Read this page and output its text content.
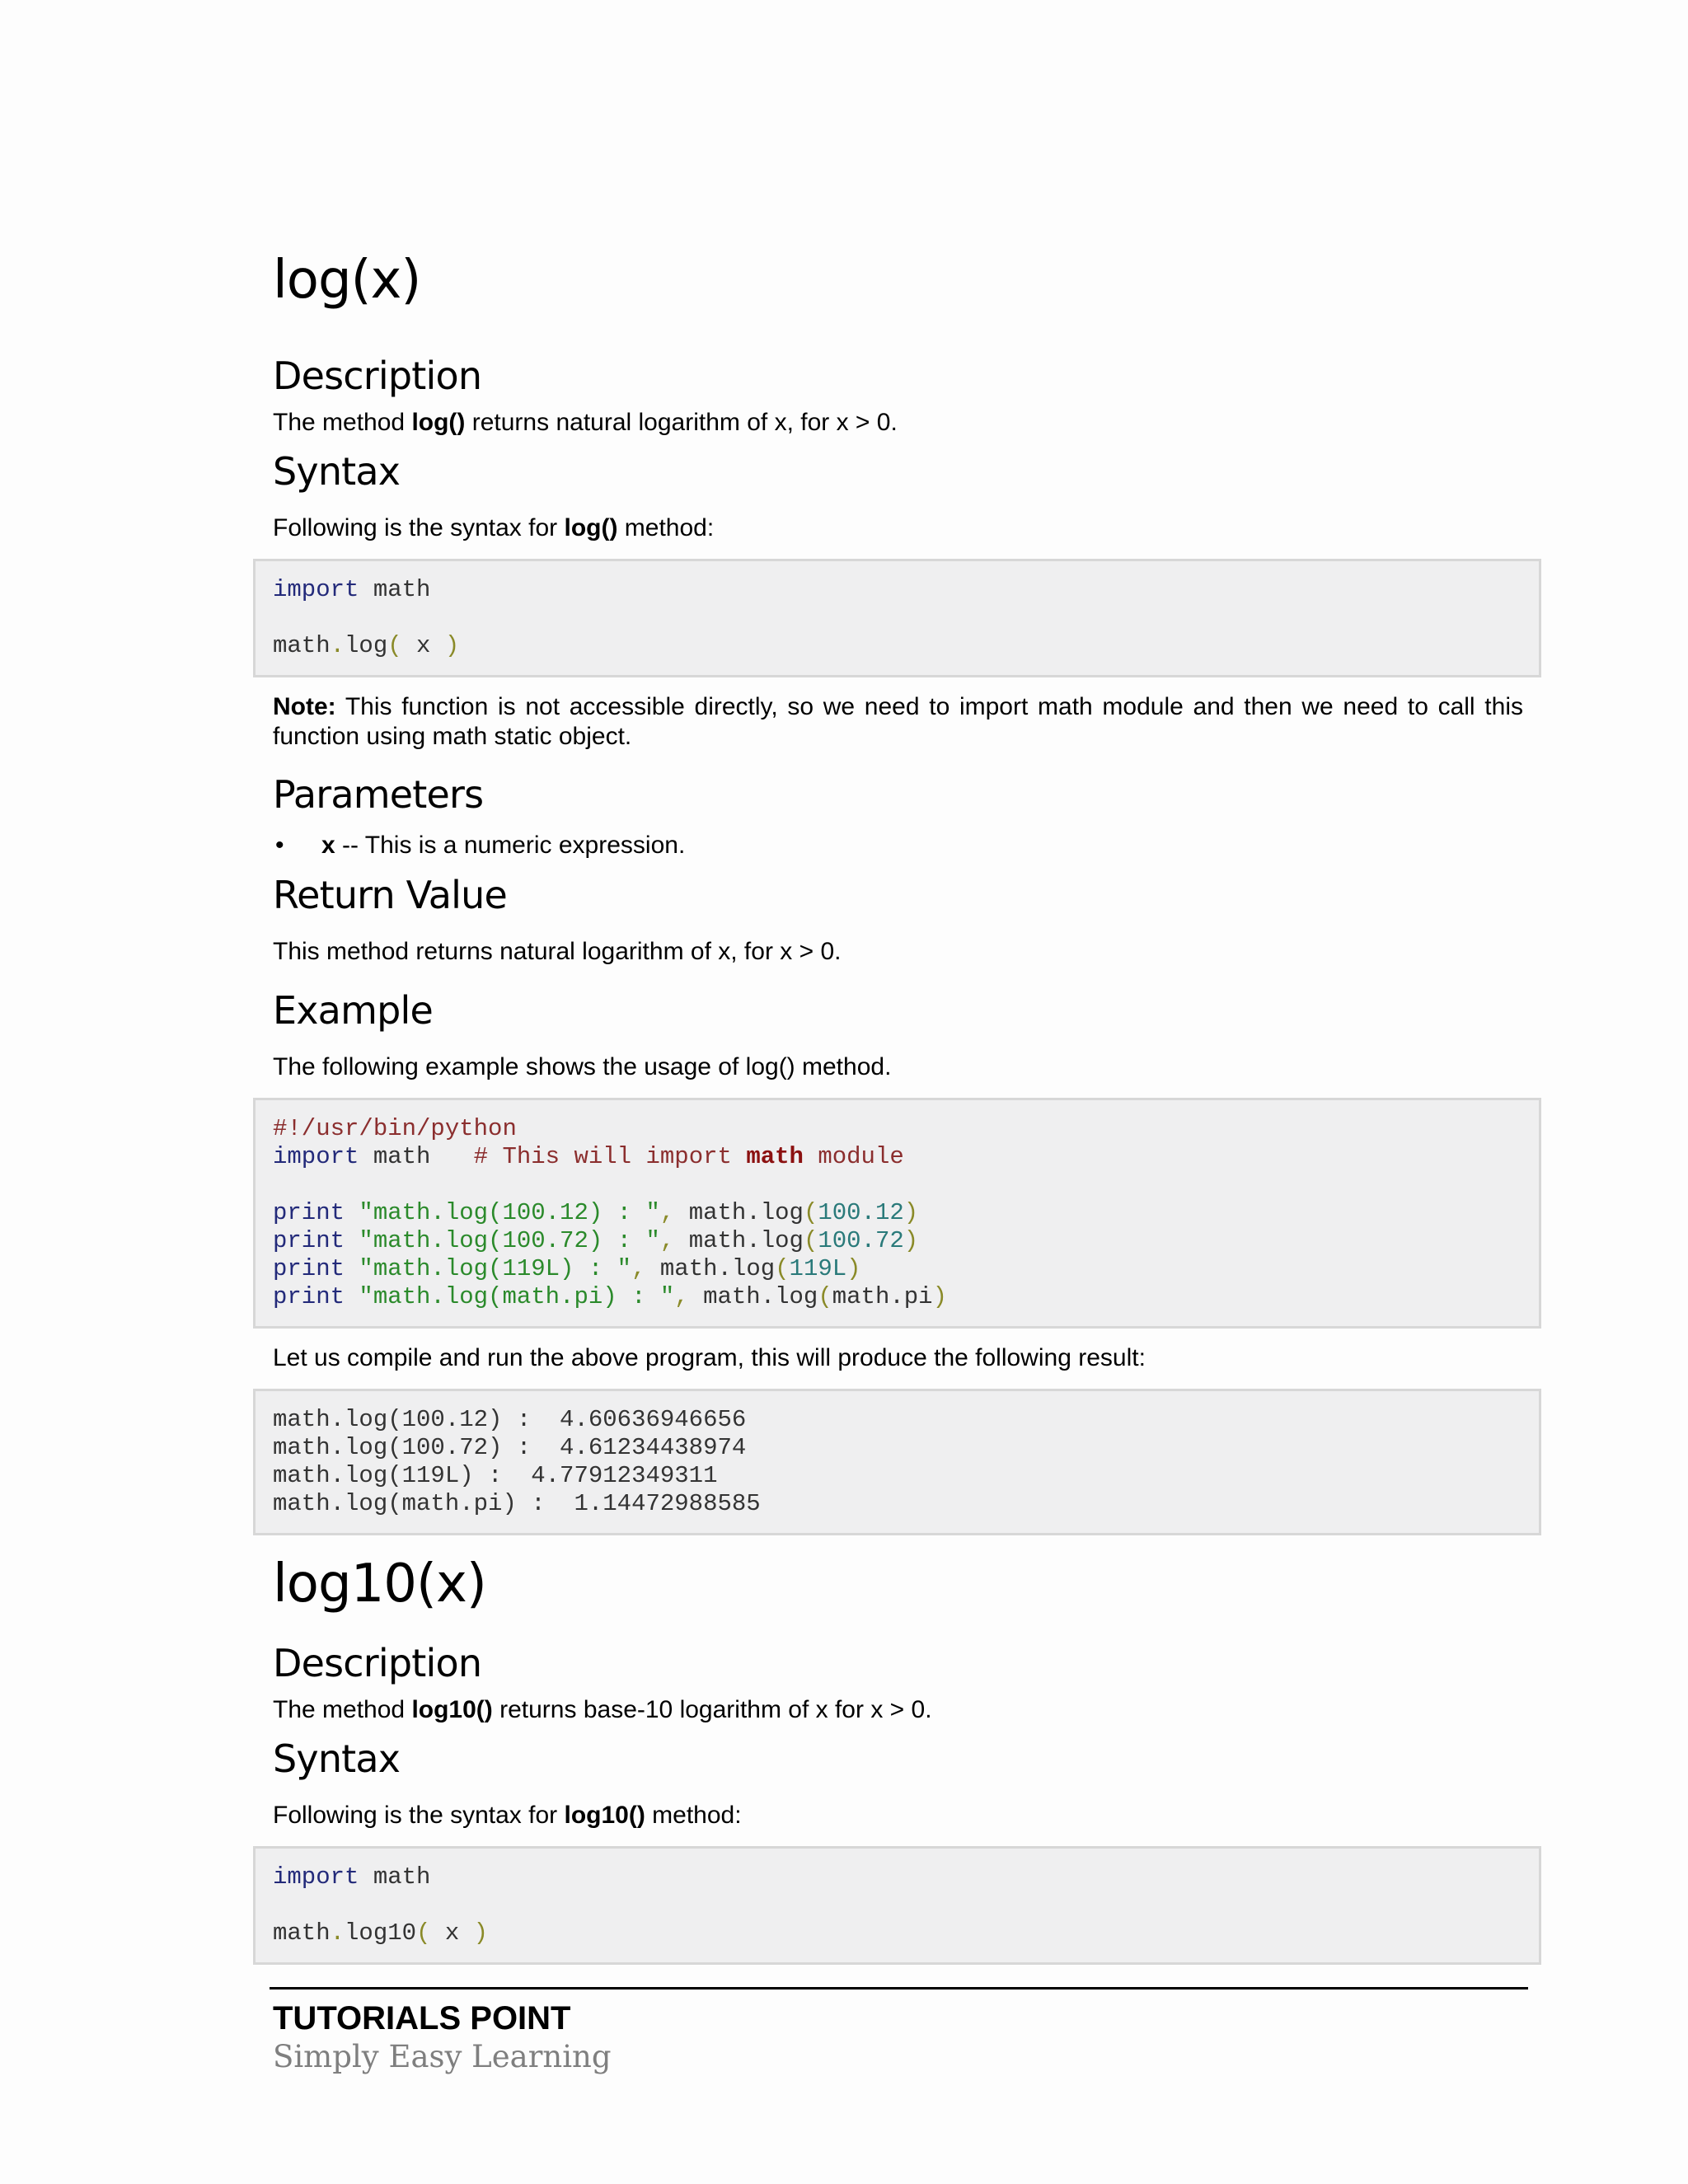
log(x)
Description

The method log() returns natural logarithm of x, for x > 0.

Syntax

Following is the syntax for log() method:

import math

math.log( x )

Note: This function is not accessible directly, so we need to import math module and then we need to call this function using math static object.

Parameters
• x -- This is a numeric expression.

Return Value

This method returns natural logarithm of x, for x > 0.

Example

The following example shows the usage of log() method.

#!/usr/bin/python
import math   # This will import math module

print "math.log(100.12) : ", math.log(100.12)
print "math.log(100.72) : ", math.log(100.72)
print "math.log(119L) : ", math.log(119L)
print "math.log(math.pi) : ", math.log(math.pi)

Let us compile and run the above program, this will produce the following result:

math.log(100.12) :  4.60636946656
math.log(100.72) :  4.61234438974
math.log(119L) :  4.77912349311
math.log(math.pi) :  1.14472988585
log10(x)
Description

The method log10() returns base-10 logarithm of x for x > 0.

Syntax

Following is the syntax for log10() method:

import math

math.log10( x )
TUTORIALS POINT
Simply Easy Learning
